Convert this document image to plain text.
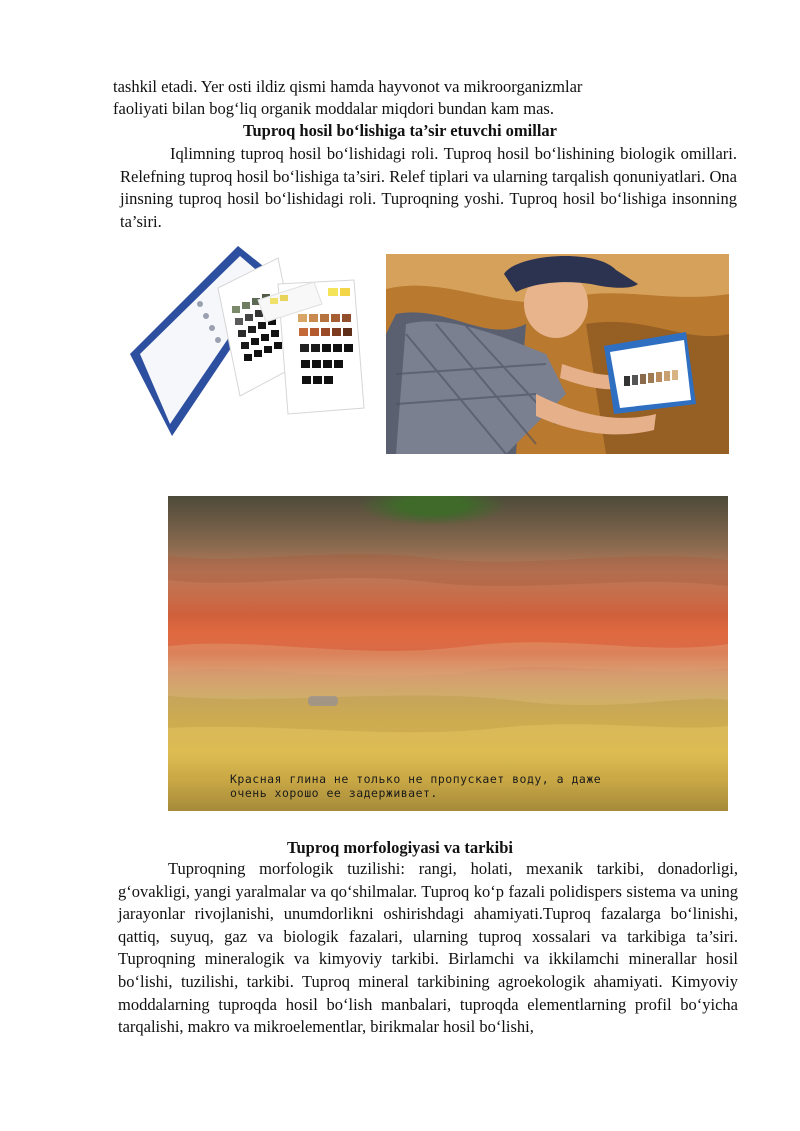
tashkil etadi. Yer osti ildiz qismi hamda hayvonot va mikroorganizmlar
faoliyati bilan bog‘liq organik moddalar miqdori bundan kam mas.
Tuproq hosil bo‘lishiga ta’sir etuvchi omillar
Iqlimning tuproq hosil bo‘lishidagi roli. Tuproq hosil bo‘lishining biologik omillari. Relefning tuproq hosil bo‘lishiga ta’siri. Relef tiplari va ularning tarqalish qonuniyatlari. Ona jinsning tuproq hosil bo‘lishidagi roli. Tuproqning yoshi. Tuproq hosil bo‘lishiga insonning ta’siri.
Красная глина не только не пропускает воду, а даже
очень хорошо ее задерживает.
Tuproq morfologiyasi va tarkibi
Tuproqning morfologik tuzilishi: rangi, holati, mexanik tarkibi, donadorligi, g‘ovakligi, yangi yaralmalar va qo‘shilmalar. Tuproq ko‘p fazali polidispers sistema va uning jarayonlar rivojlanishi, unumdorlikni oshirishdagi ahamiyati.Tuproq fazalarga bo‘linishi, qattiq, suyuq, gaz va biologik fazalari, ularning tuproq xossalari va tarkibiga ta’siri. Tuproqning mineralogik va kimyoviy tarkibi. Birlamchi va ikkilamchi minerallar hosil bo‘lishi, tuzilishi, tarkibi. Tuproq mineral tarkibining agroekologik ahamiyati. Kimyoviy moddalarning tuproqda hosil bo‘lish manbalari, tuproqda elementlarning profil bo‘yicha tarqalishi, makro va mikroelementlar, birikmalar hosil bo‘lishi,
